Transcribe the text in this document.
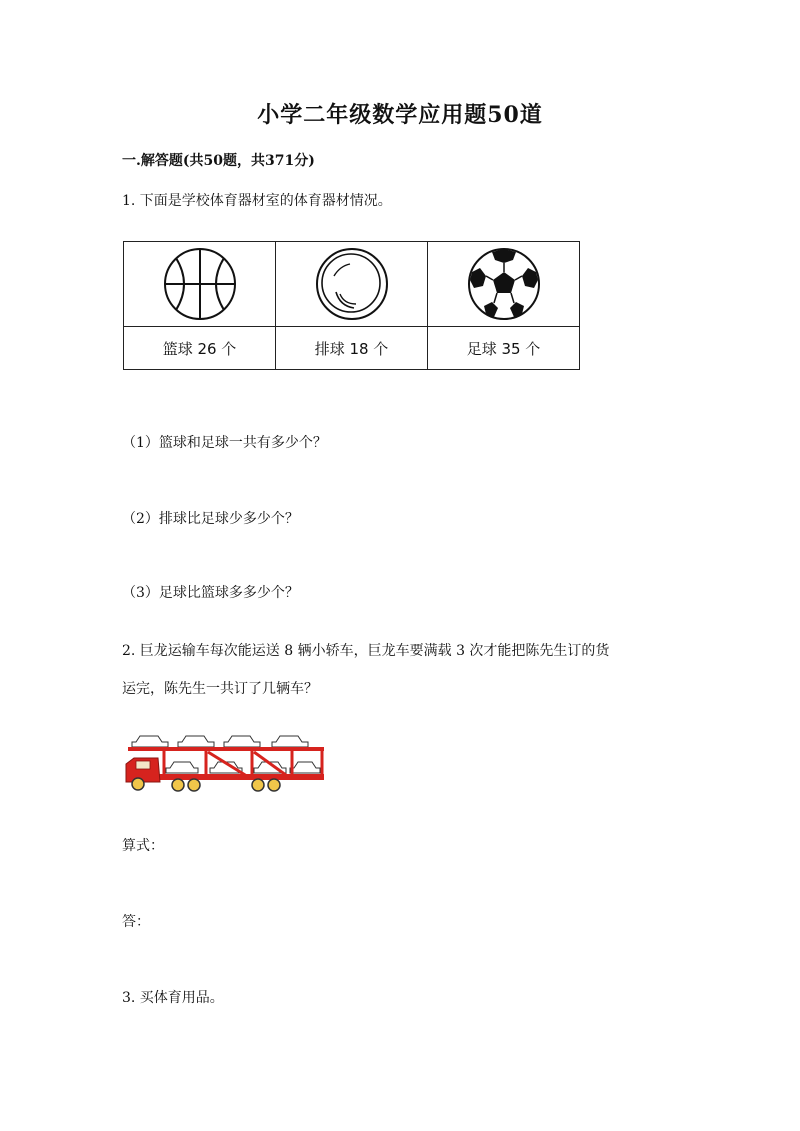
小学二年级数学应用题50道
一.解答题(共50题，共371分)
1. 下面是学校体育器材室的体育器材情况。

篮球 26 个	排球 18 个	足球 35 个
（1）篮球和足球一共有多少个？
（2）排球比足球少多少个？
（3）足球比篮球多多少个？
2. 巨龙运输车每次能运送 8 辆小轿车，巨龙车要满载 3 次才能把陈先生订的货
运完，陈先生一共订了几辆车？
算式：
答：
3. 买体育用品。
